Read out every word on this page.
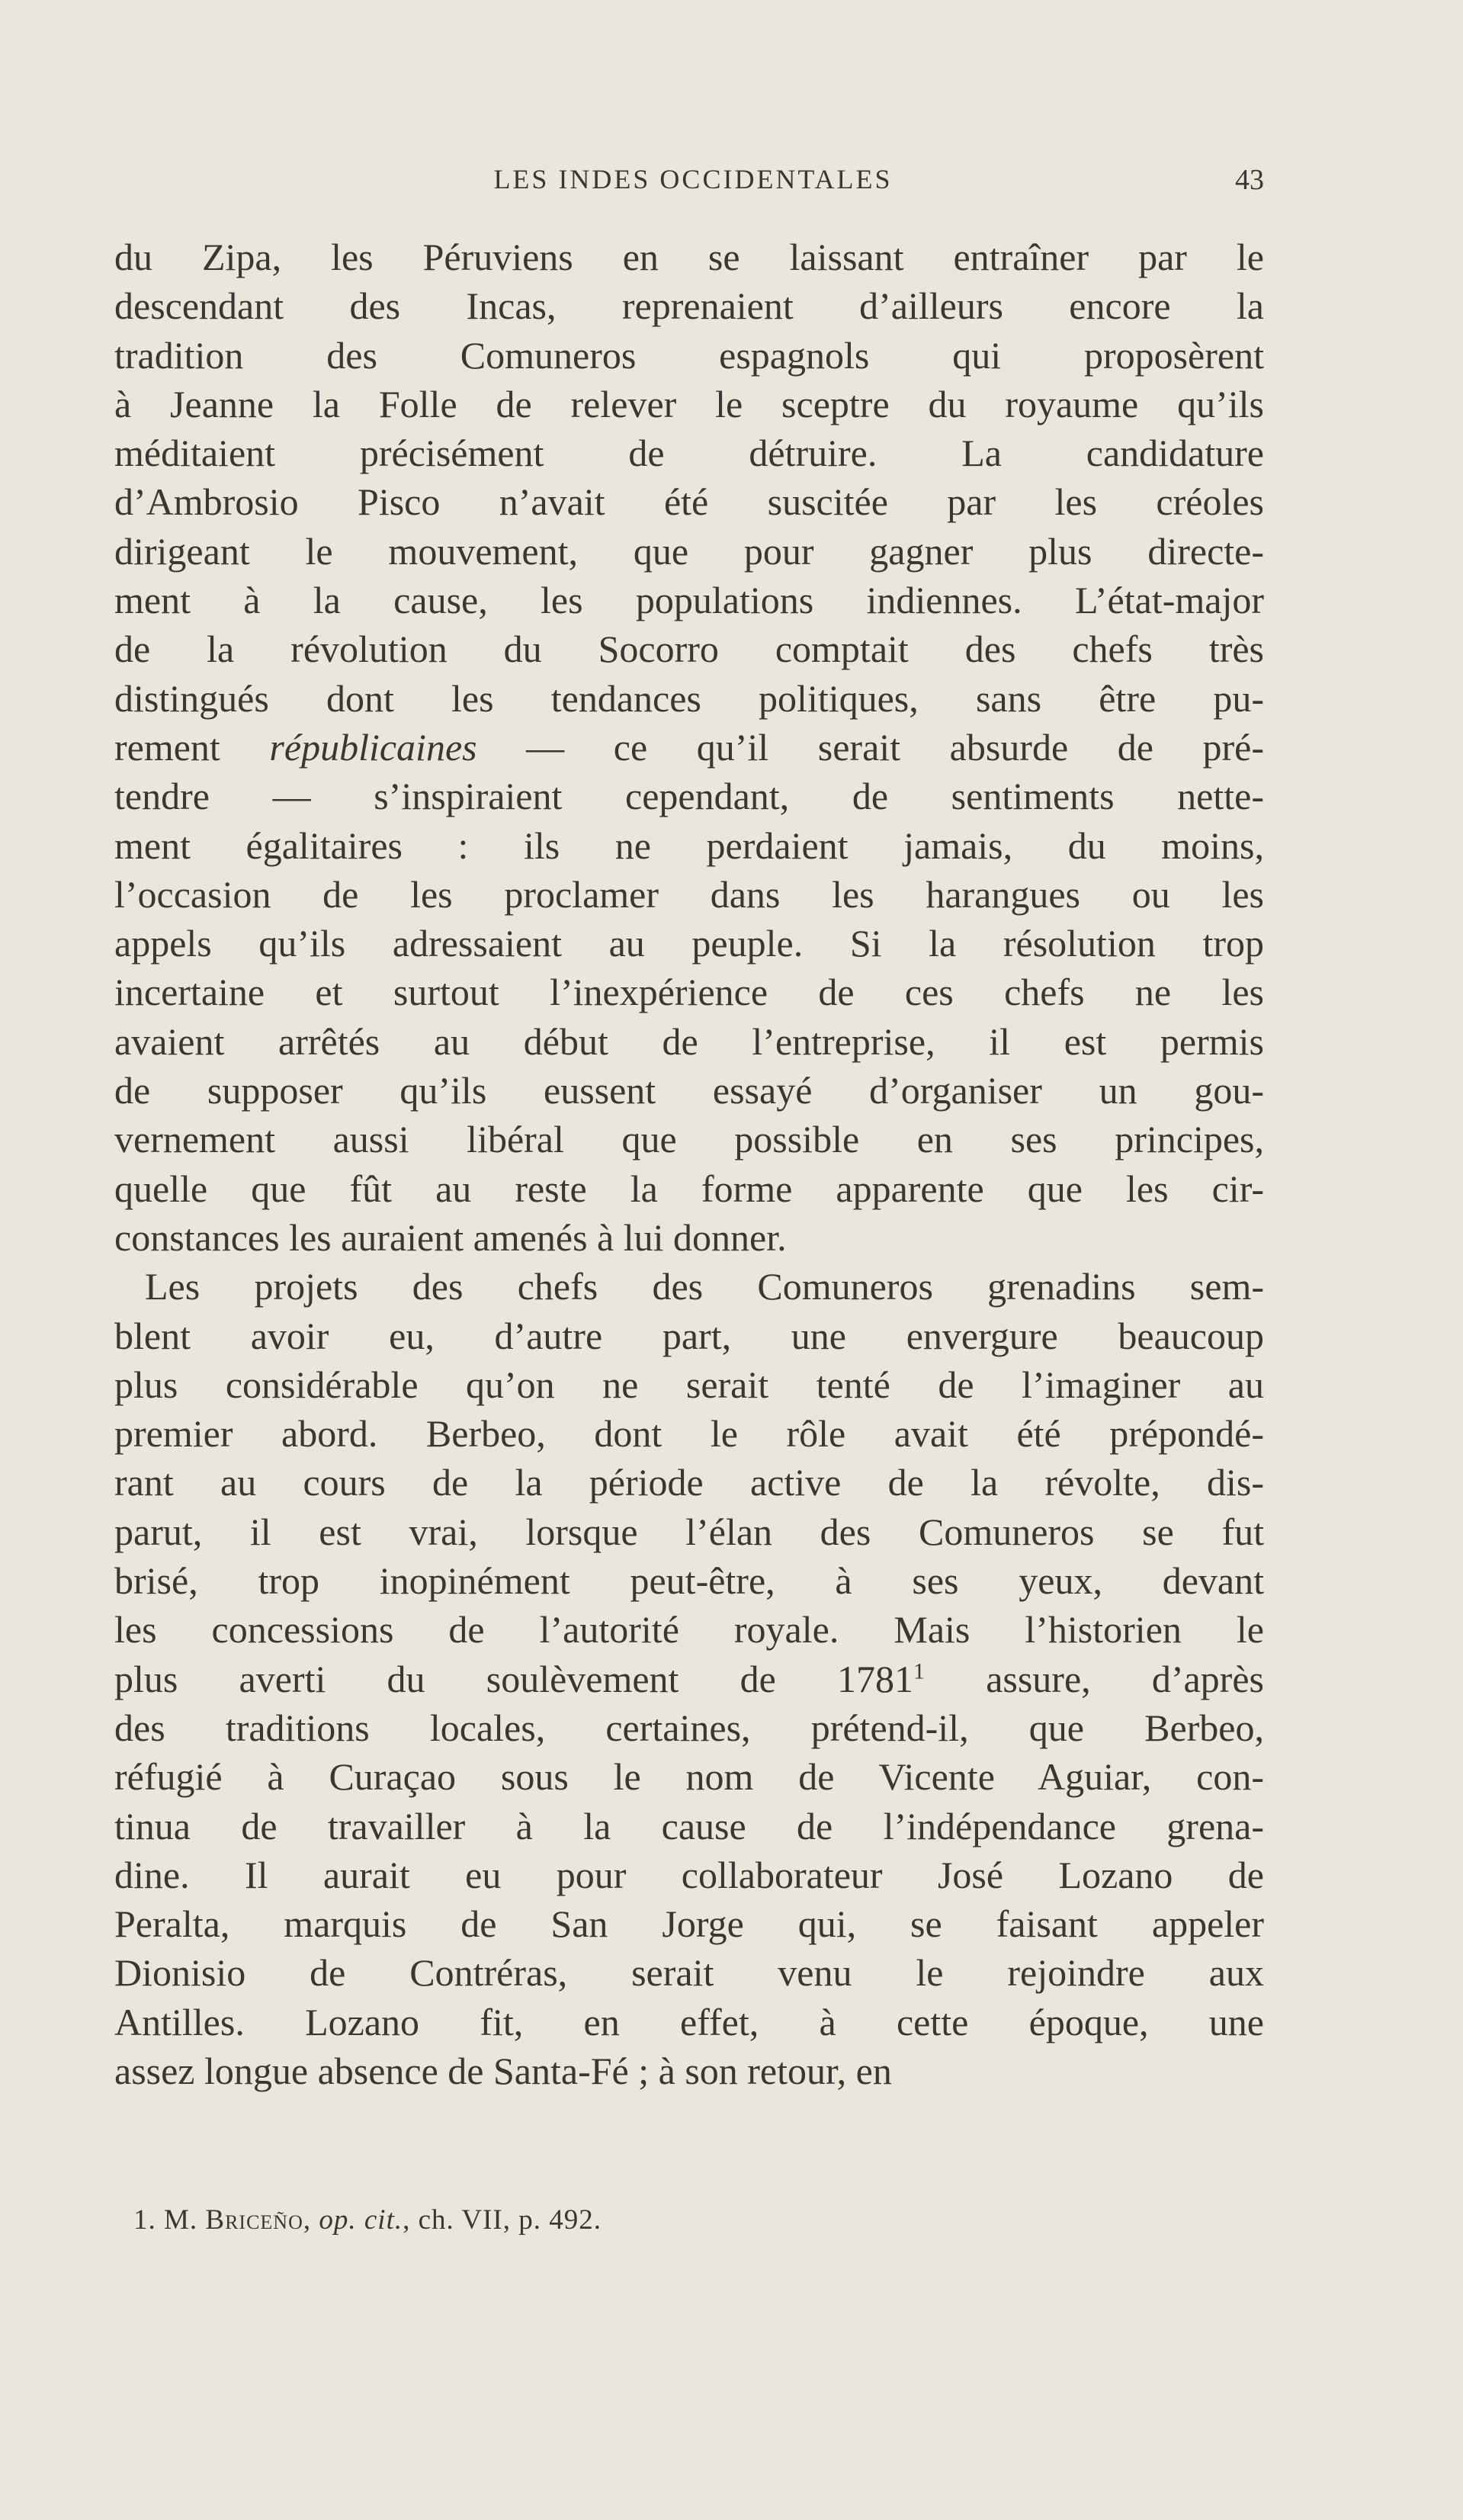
LES INDES OCCIDENTALES	43
du Zipa, les Péruviens en se laissant entraîner par le
descendant des Incas, reprenaient d’ailleurs encore la
tradition des Comuneros espagnols qui proposèrent
à Jeanne la Folle de relever le sceptre du royaume qu’ils
méditaient précisément de détruire. La candidature
d’Ambrosio Pisco n’avait été suscitée par les créoles
dirigeant le mouvement, que pour gagner plus directe-
ment à la cause, les populations indiennes. L’état-major
de la révolution du Socorro comptait des chefs très
distingués dont les tendances politiques, sans être pu-
rement républicaines — ce qu’il serait absurde de pré-
tendre — s’inspiraient cependant, de sentiments nette-
ment égalitaires : ils ne perdaient jamais, du moins,
l’occasion de les proclamer dans les harangues ou les
appels qu’ils adressaient au peuple. Si la résolution trop
incertaine et surtout l’inexpérience de ces chefs ne les
avaient arrêtés au début de l’entreprise, il est permis
de supposer qu’ils eussent essayé d’organiser un gou-
vernement aussi libéral que possible en ses principes,
quelle que fût au reste la forme apparente que les cir-
constances les auraient amenés à lui donner.
Les projets des chefs des Comuneros grenadins sem-
blent avoir eu, d’autre part, une envergure beaucoup
plus considérable qu’on ne serait tenté de l’imaginer au
premier abord. Berbeo, dont le rôle avait été prépondé-
rant au cours de la période active de la révolte, dis-
parut, il est vrai, lorsque l’élan des Comuneros se fut
brisé, trop inopinément peut-être, à ses yeux, devant
les concessions de l’autorité royale. Mais l’historien le
plus averti du soulèvement de 1781$^1$ assure, d’après
des traditions locales, certaines, prétend-il, que Berbeo,
réfugié à Curaçao sous le nom de Vicente Aguiar, con-
tinua de travailler à la cause de l’indépendance grena-
dine. Il aurait eu pour collaborateur José Lozano de
Peralta, marquis de San Jorge qui, se faisant appeler
Dionisio de Contréras, serait venu le rejoindre aux
Antilles. Lozano fit, en effet, à cette époque, une
assez longue absence de Santa-Fé ; à son retour, en
1. M. Briceño, op. cit., ch. VII, p. 492.
